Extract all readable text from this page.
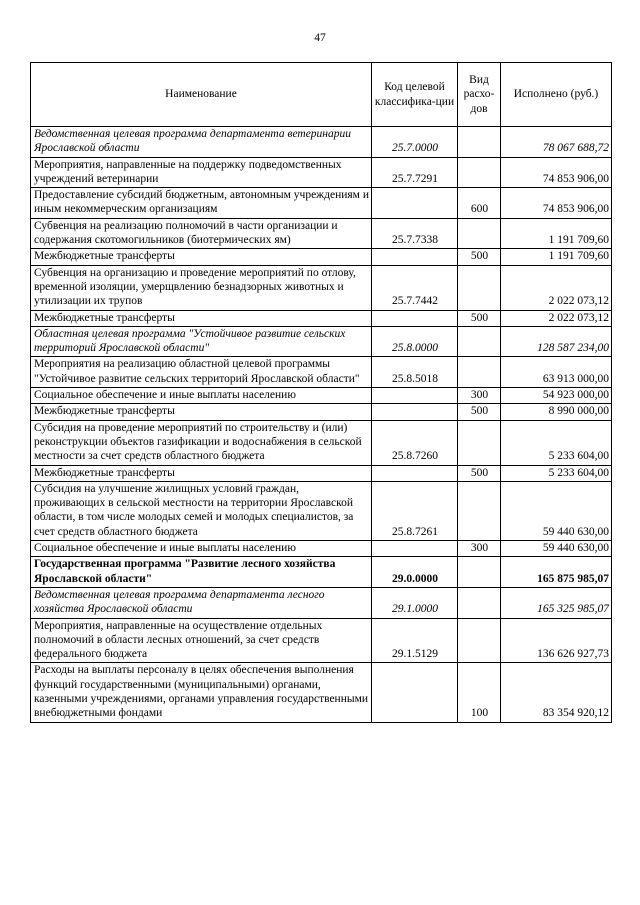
47
Наименование	Код целевой классифика-ции	Вид расхо-дов	Исполнено (руб.)
Ведомственная целевая программа департамента ветеринарии Ярославской области	25.7.0000		78 067 688,72
Мероприятия, направленные на поддержку подведомственных учреждений ветеринарии	25.7.7291		74 853 906,00
Предоставление субсидий бюджетным, автономным учреждениям и иным некоммерческим организациям		600	74 853 906,00
Субвенция на реализацию полномочий в части организации и содержания скотомогильников (биотермических ям)	25.7.7338		1 191 709,60
Межбюджетные трансферты		500	1 191 709,60
Субвенция на организацию и проведение мероприятий по отлову, временной изоляции, умерщвлению безнадзорных животных и утилизации их трупов	25.7.7442		2 022 073,12
Межбюджетные трансферты		500	2 022 073,12
Областная целевая программа "Устойчивое развитие сельских территорий Ярославской области"	25.8.0000		128 587 234,00
Мероприятия на реализацию областной целевой программы "Устойчивое развитие сельских территорий Ярославской области"	25.8.5018		63 913 000,00
Социальное обеспечение и иные выплаты населению		300	54 923 000,00
Межбюджетные трансферты		500	8 990 000,00
Субсидия на проведение мероприятий по строительству и (или) реконструкции объектов газификации и водоснабжения в сельской местности за счет средств областного бюджета	25.8.7260		5 233 604,00
Межбюджетные трансферты		500	5 233 604,00
Субсидия на улучшение жилищных условий граждан, проживающих в сельской местности на территории Ярославской области, в том числе молодых семей и молодых специалистов, за счет средств областного бюджета	25.8.7261		59 440 630,00
Социальное обеспечение и иные выплаты населению		300	59 440 630,00
Государственная программа "Развитие лесного хозяйства Ярославской области"	29.0.0000		165 875 985,07
Ведомственная целевая программа департамента лесного хозяйства Ярославской области	29.1.0000		165 325 985,07
Мероприятия, направленные на осуществление отдельных полномочий в области лесных отношений, за счет средств федерального бюджета	29.1.5129		136 626 927,73
Расходы на выплаты персоналу в целях обеспечения выполнения функций государственными (муниципальными) органами, казенными учреждениями, органами управления государственными внебюджетными фондами		100	83 354 920,12
